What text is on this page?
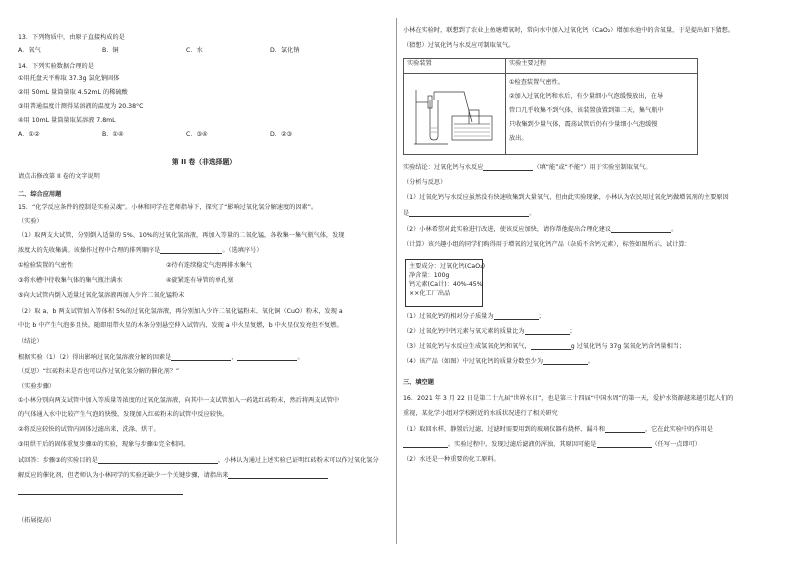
13．下列物质中，由原子直接构成的是
A．氧气	B．铜	C．水	D．氯化钠
14．下列实验数据合理的是
①用托盘天平称取 37.3g 氯化钠固体
②用 50mL 量筒量取 4.52mL 的稀硫酸
③用普通温度计测得某溶液的温度为 20.38°C
④用 10mL 量筒量取某溶液 7.8mL
A．①②	B．①④	C．③④	D．②③
第 II 卷（非选择题）
请点击修改第 II 卷的文字说明
二、综合应用题
15．“化学反应条件的控制是实验灵魂”。小林和同学在老师指导下，探究了“影响过氧化氢分解速度的因素”。
（实验）
（1）取两支大试管，分别倒入适量的 5%、10%的过氧化氢溶液，再加入等量的二氧化锰，各收集一集气瓶气体，发现
浓度大的先收集满。该操作过程中合理的排列顺序是	。（选填序号）
①检验装置的气密性	②待有连续稳定气泡再排水集气
③将水槽中待收集气体的集气瓶注满水	④旋紧连有导管的单孔塞
⑤向大试管内倒入适量过氧化氢溶液再加入少许二氧化锰粉末
（2）取 a、b 两支试管加入等体积 5%的过氧化氢溶液，再分别加入少许二氧化锰粉末、氧化铜（CuO）粉末，发现 a
中比 b 中产生气泡多且快。随即用带火星的木条分别悬空伸入试管内，发现 a 中火星复燃，b 中火星仅发亮但不复燃。
（结论）
根据实验（1）（2）得出影响过氧化氢溶液分解的因素是	、	。
（反思）“红砖粉末是否也可以作过氧化氢分解的催化剂？”
（实验步骤）
①小林分别向两支试管中加入等质量等浓度的过氧化氢溶液，向其中一支试管加入一药匙红砖粉末，然后将两支试管中
的气体通入水中比较产生气泡的快慢，发现加入红砖粉末的试管中反应较快。
②将反应较快的试管内固体过滤出来，洗涤、烘干。
③用烘干后的固体重复步骤①的实验，现象与步骤①完全相同。
试回答：步骤③的实验目的是	。小林认为通过上述实验已证明红砖粉末可以作过氧化氢分
解反应的催化剂，但老师认为小林同学的实验还缺少一个关键步骤，请指出来
（拓展提高）
小林在实验时，联想到了农业上鱼塘增氧时，常向水中加入过氧化钙（CaO₂）增加水池中的含氧量，于是提出如下猜想。
（猜想）过氧化钙与水反应可制取氧气。
实验装置	实验主要过程

①检查装置气密性。
②加入过氧化钙和水后，有少量细小气泡缓慢放出，在导
管口几乎收集不到气体，该装置放置到第二天，集气瓶中
只收集到少量气体，震荡试管后仍有少量细小气泡缓慢
放出。
实验结论：过氧化钙与水反应	（填“能”或“不能”）用于实验室制取氧气。
（分析与反思）
（1）过氧化钙与水反应虽然没有快速收集到大量氧气，但由此实验现象，小林认为农民用过氧化钙做增氧剂的主要原因
是	。
（2）小林希望对此实验进行改进，使该反应加快，请你帮他提出合理化建议	。
（计算）该兴趣小组的同学们购得用于增氧的过氧化钙产品（杂质不含钙元素），标签如图所示。试计算：
主要成分：过氧化钙(CaO₂)
净含量：100g
钙元素(Ca计)：40%-45%
××化工厂出品
（1）过氧化钙的相对分子质量为	；
（2）过氧化钙中钙元素与氧元素的质量比为	；
（3）过氧化钙与水反应生成氢氧化钙和氧气，	g 过氧化钙与 37g 氢氧化钙含钙量相当；
（4）该产品（如图）中过氧化钙的质量分数至少为	。
三、填空题
16．2021 年 3 月 22 日是第二十九届“世界水日”，也是第三十四届“中国水周”的第一天，爱护水资源越来越引起人们的
重视，某化学小组对学校附近的水质状况进行了相关研究
（1）取回水样，静置后过滤，过滤时需要用到的玻璃仪器有烧杯、漏斗和	，它在此实验中的作用是
。实验过程中，发现过滤后滤液仍浑浊，其原因可能是	（任写一点即可）
（2）水还是一种重要的化工原料。
